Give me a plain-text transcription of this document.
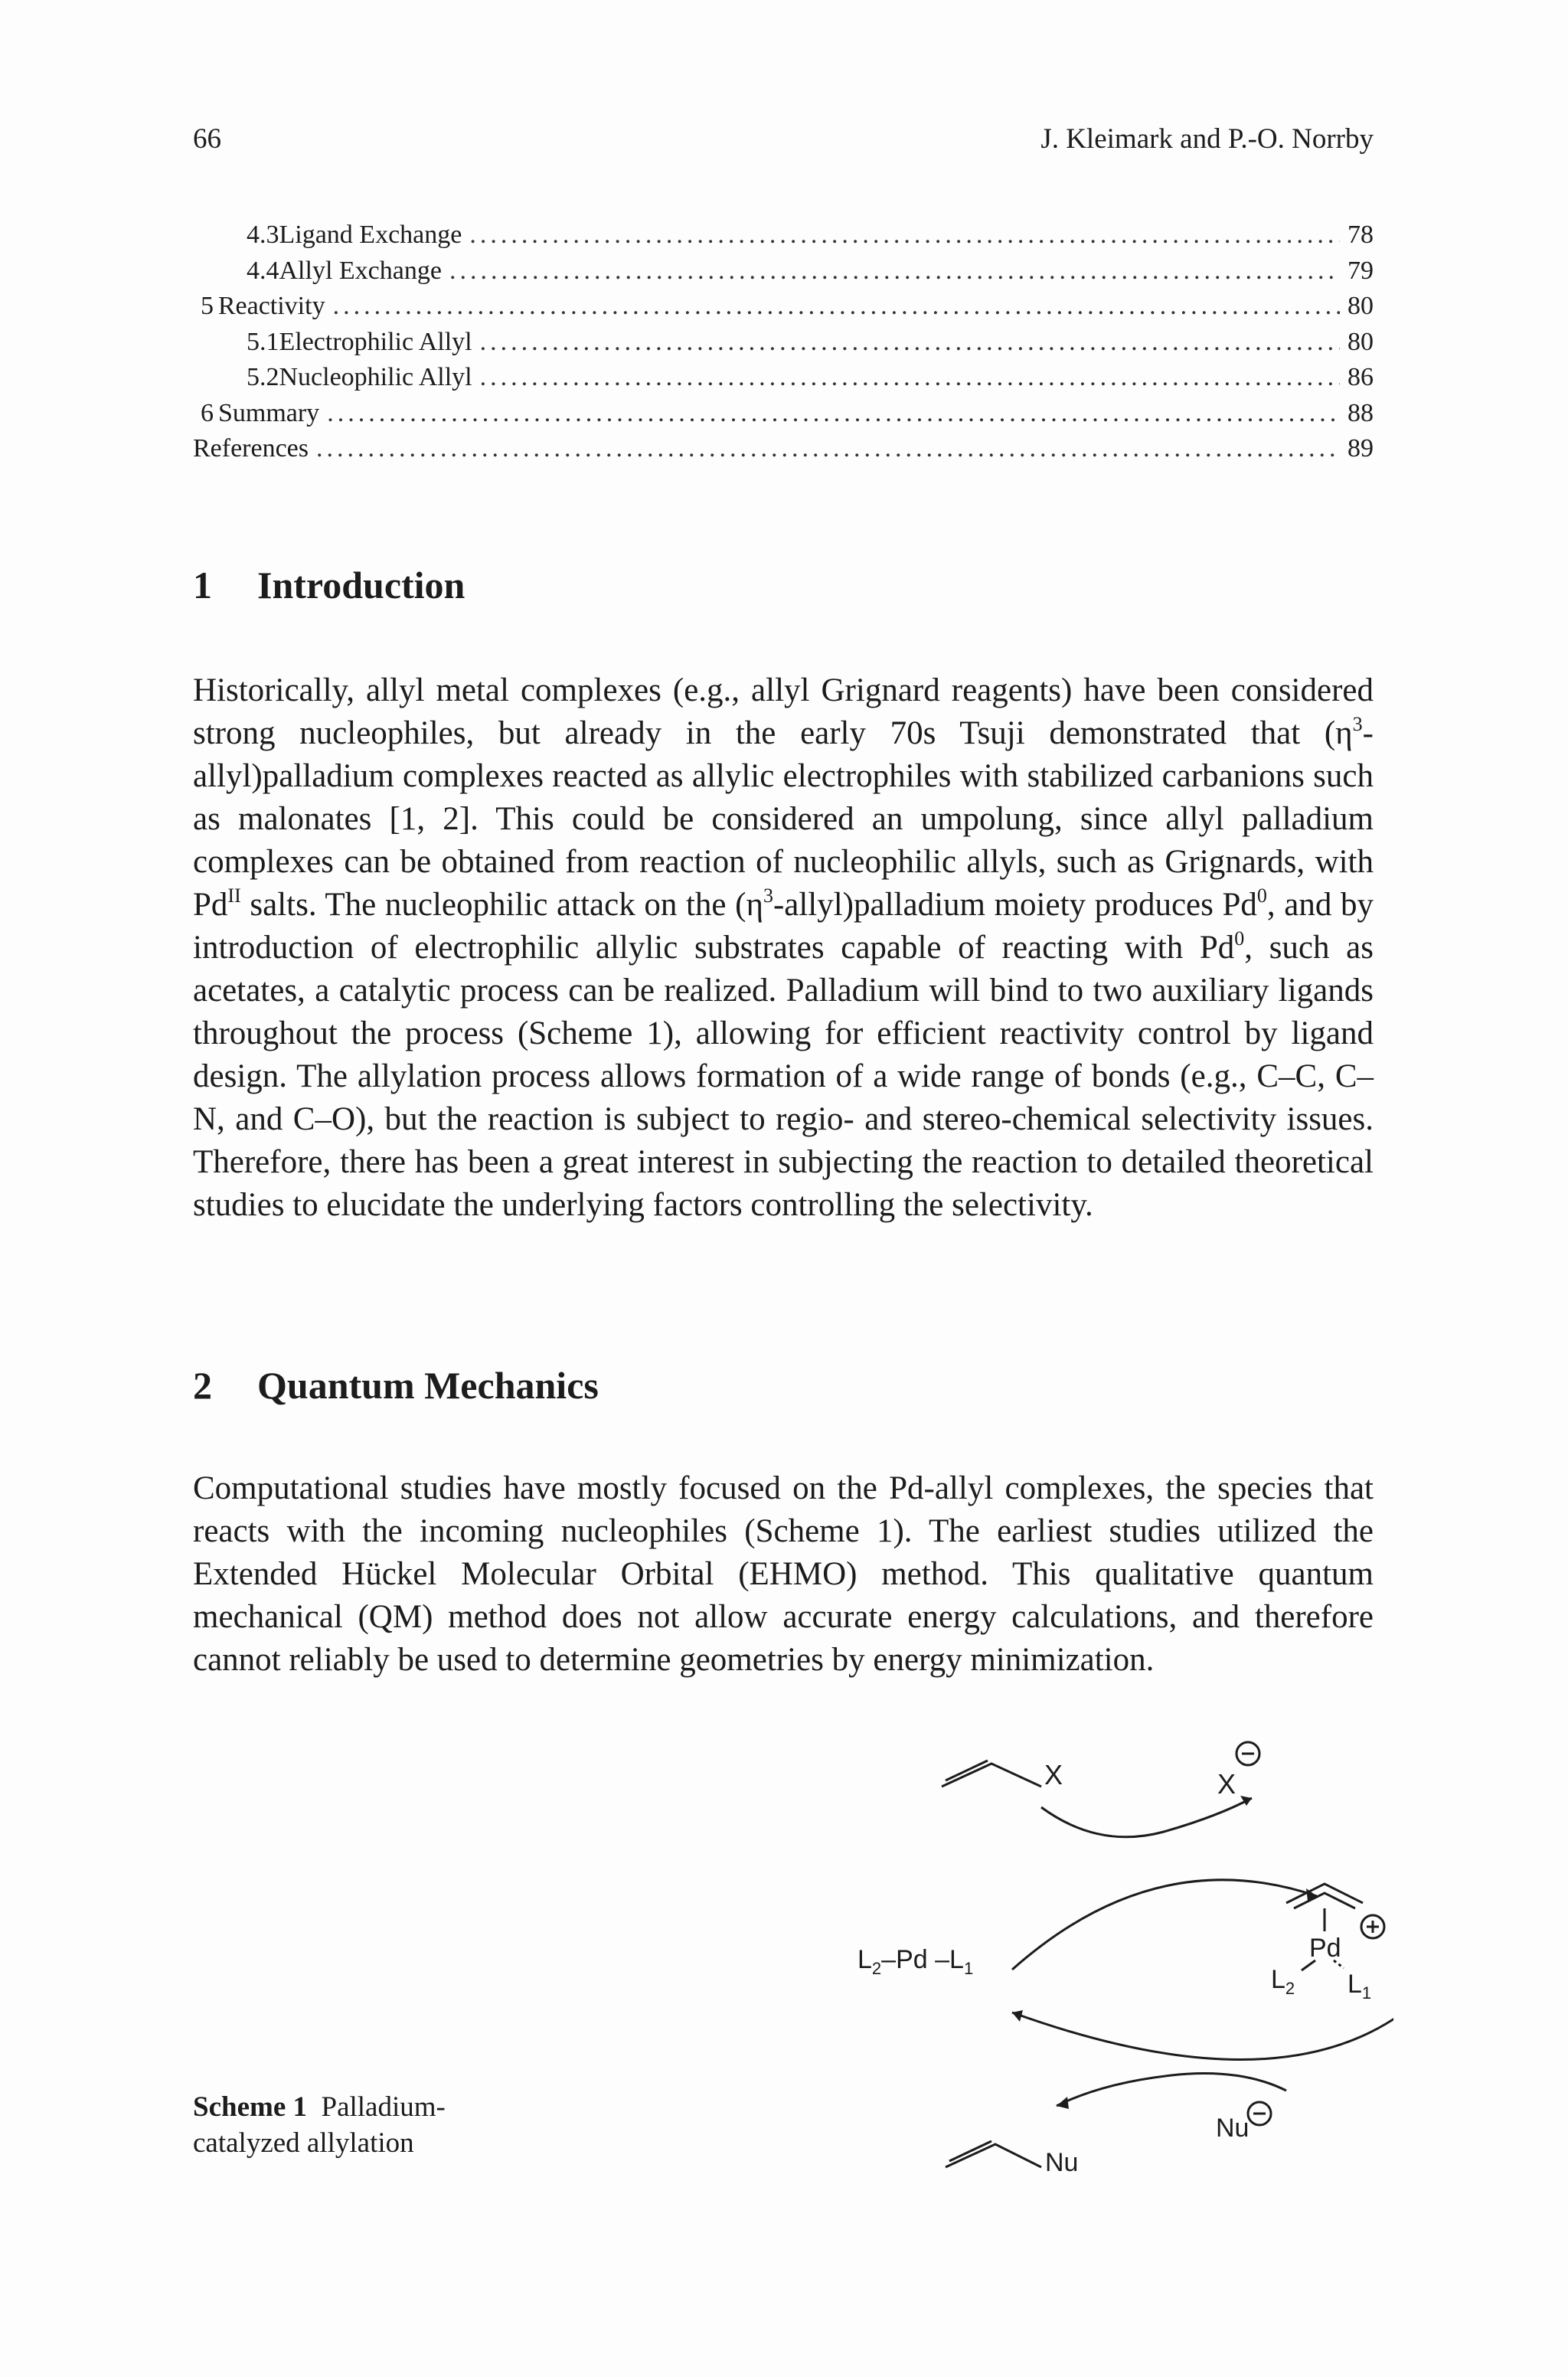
66	J. Kleimark and P.-O. Norrby
4.3 Ligand Exchange .....	78
4.4 Allyl Exchange .....	79
5 Reactivity .....	80
5.1 Electrophilic Allyl .....	80
5.2 Nucleophilic Allyl .....	86
6 Summary .....	88
References .....	89
1 Introduction

Historically, allyl metal complexes (e.g., allyl Grignard reagents) have been considered strong nucleophiles, but already in the early 70s Tsuji demonstrated that $(\eta^3-allyl)palladium$ complexes reacted as allylic electrophiles with stabilized carbanions such as malonates [1, 2]. This could be considered an umpolung, since allyl palladium complexes can be obtained from reaction of nucleophilic allyls, such as Grignards, with $Pd^{II}$ salts. The nucleophilic attack on the $(\eta^3-allyl)palladium$ moiety produces Pd$^0$, and by introduction of electrophilic allylic substrates capable of reacting with Pd$^0$, such as acetates, a catalytic process can be realized. Palladium will bind to two auxiliary ligands throughout the process (Scheme 1), allowing for efficient reactivity control by ligand design. The allylation process allows formation of a wide range of bonds (e.g., C–C, C–N, and C–O), but the reaction is subject to regio- and stereo-chemical selectivity issues. Therefore, there has been a great interest in subjecting the reaction to detailed theoretical studies to elucidate the underlying factors controlling the selectivity.

2 Quantum Mechanics

Computational studies have mostly focused on the Pd-allyl complexes, the species that reacts with the incoming nucleophiles (Scheme 1). The earliest studies utilized the Extended Hückel Molecular Orbital (EHMO) method. This qualitative quantum mechanical (QM) method does not allow accurate energy calculations, and therefore cannot reliably be used to determine geometries by energy minimization.

X	X
$L_2-Pd$ $-L_1$
Pd
$L_2$ $L_1$
Nu
Nu
Scheme 1 Palladium-
catalyzed allylation
